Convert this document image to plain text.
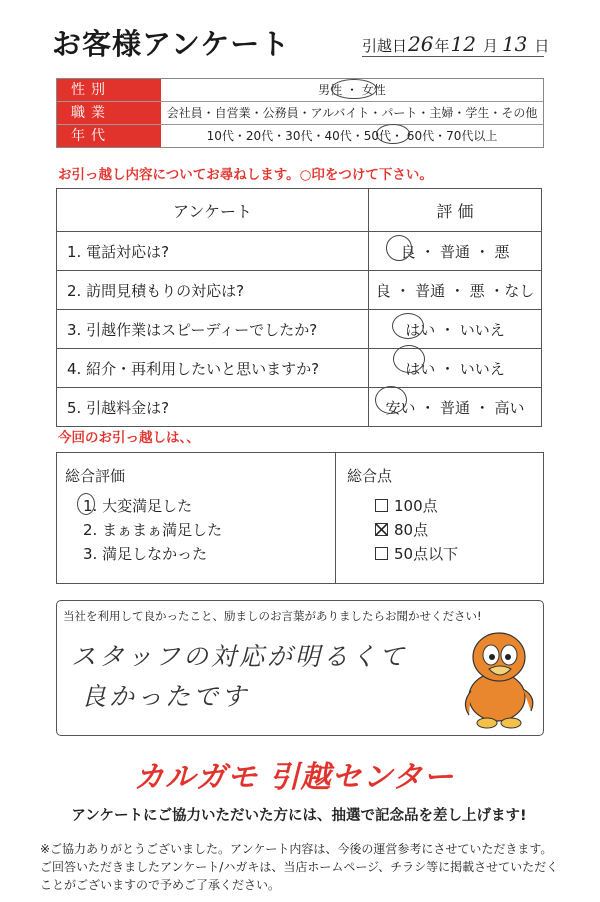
お客様アンケート	引越日 26 年 12 月 13 日
性別	男性 ・ 女性
職業	会社員・自営業・公務員・アルバイト・パート・主婦・学生・その他
年代	10代・20代・30代・40代・50代・ 60代・70代以上
お引っ越し内容についてお尋ねします。○印をつけて下さい。
アンケート	評 価
1. 電話対応は?	良 ・ 普通 ・ 悪
2. 訪問見積もりの対応は?	良 ・ 普通 ・ 悪 ・なし
3. 引越作業はスピーディーでしたか?	はい ・ いいえ
4. 紹介・再利用したいと思いますか?	はい ・ いいえ
5. 引越料金は?	安い ・ 普通 ・ 高い
今回のお引っ越しは、、
総合評価
1. 大変満足した
2. まぁまぁ満足した
3. 満足しなかった
総合点
100点
80点
50点以下
当社を利用して良かったこと、励ましのお言葉がありましたらお聞かせください!
スタッフの対応が明るくて
良かったです
カルガモ 引越センター
アンケートにご協力いただいた方には、抽選で記念品を差し上げます!
※ご協力ありがとうございました。アンケート内容は、今後の運営参考にさせていただきます。
ご回答いただきましたアンケート/ハガキは、当店ホームページ、チラシ等に掲載させていただく
ことがございますので予めご了承ください。
